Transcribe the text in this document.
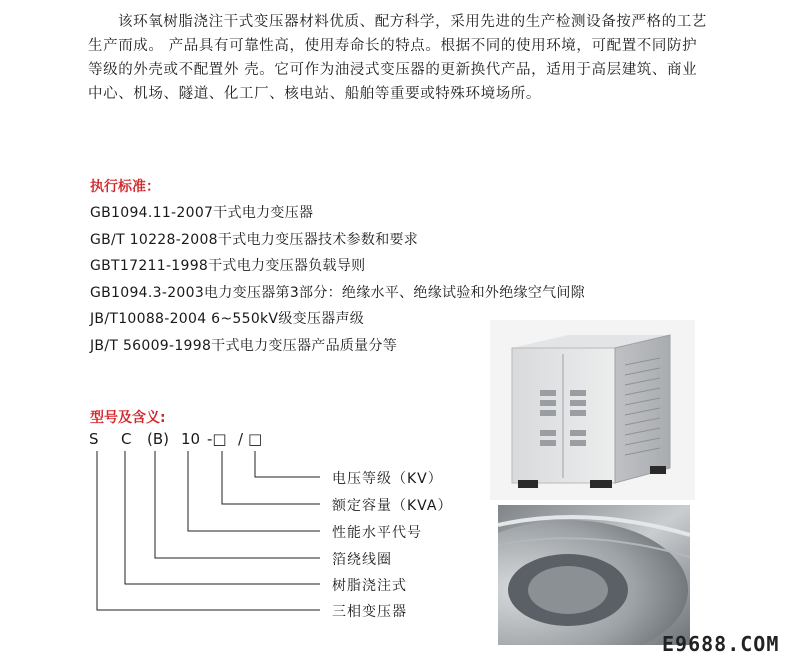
该环氧树脂浇注干式变压器材料优质、配方科学，采用先进的生产检测设备按严格的工艺生产而成。 产品具有可靠性高，使用寿命长的特点。根据不同的使用环境，可配置不同防护等级的外壳或不配置外 壳。它可作为油浸式变压器的更新换代产品，适用于高层建筑、商业中心、机场、隧道、化工厂、核电站、船舶等重要或特殊环境场所。

执行标准：
GB1094.11-2007干式电力变压器
GB/T 10228-2008干式电力变压器技术参数和要求
GBT17211-1998干式电力变压器负载导则
GB1094.3-2003电力变压器第3部分：绝缘水平、绝缘试验和外绝缘空气间隙
JB/T10088-2004 6~550kV级变压器声级
JB/T 56009-1998干式电力变压器产品质量分等
型号及含义:
S C (B) 10 -□ / □
电压等级（KV）
额定容量（KVA）
性能水平代号
箔绕线圈
树脂浇注式
三相变压器
E9688.COM
